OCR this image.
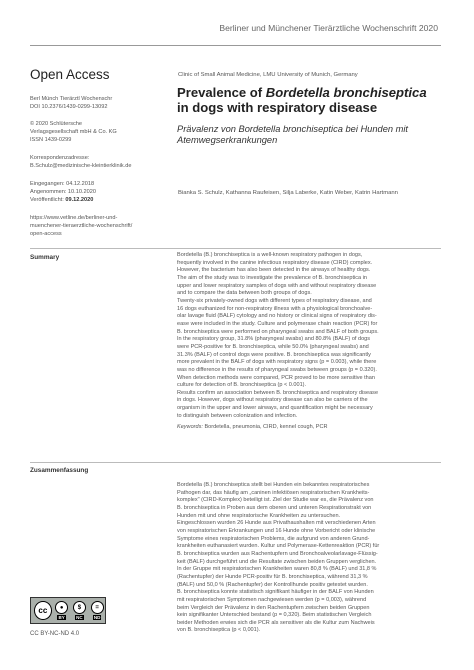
Berliner und Münchener Tierärztliche Wochenschrift 2020
Open Access
Berl Münch Tierärztl Wochenschr
DOI 10.2376/1439-0299-13092
© 2020 Schlütersche
Verlagsgesellschaft mbH & Co. KG
ISSN 1439-0299
Korrespondenzadresse:
B.Schulz@medizinische-kleintierklinik.de
Eingegangen: 04.12.2018
Angenommen: 10.10.2020
Veröffentlicht: 09.12.2020
https://www.vetline.de/berliner-und-
muenchener-tieraerztliche-wochenschrift/
open-access
Clinic of Small Animal Medicine, LMU University of Munich, Germany
Prevalence of Bordetella bronchiseptica
in dogs with respiratory disease
Prävalenz von Bordetella bronchiseptica bei Hunden mit Atemwegserkrankungen
Bianka S. Schulz, Kathanna Raufeisen, Silja Laberke, Katin Weber, Katrin Hartmann
Summary	Bordetella (B.) bronchiseptica is a well-known respiratory pathogen in dogs,
frequently involved in the canine infectious respiratory disease (CIRD) complex.
However, the bacterium has also been detected in the airways of healthy dogs.
The aim of the study was to investigate the prevalence of B. bronchiseptica in
upper and lower respiratory samples of dogs with and without respiratory disease
and to compare the data between both groups of dogs.
Twenty-six privately-owned dogs with different types of respiratory disease, and
16 dogs euthanized for non-respiratory illness with a physiological bronchoalve-
olar lavage fluid (BALF) cytology and no history or clinical signs of respiratory dis-
ease were included in the study. Culture and polymerase chain reaction (PCR) for
B. bronchiseptica were performed on pharyngeal swabs and BALF of both groups.
In the respiratory group, 31.8% (pharyngeal swabs) and 80.8% (BALF) of dogs
were PCR-positive for B. bronchiseptica, while 50.0% (pharyngeal swabs) and
31.3% (BALF) of control dogs were positive. B. bronchiseptica was significantly
more prevalent in the BALF of dogs with respiratory signs (p = 0.003), while there
was no difference in the results of pharyngeal swabs between groups (p = 0.320).
When detection methods were compared, PCR proved to be more sensitive than
culture for detection of B. bronchiseptica (p < 0.001).
Results confirm an association between B. bronchiseptica and respiratory disease
in dogs. However, dogs without respiratory disease can also be carriers of the
organism in the upper and lower airways, and quantification might be necessary
to distinguish between colonization and infection.
Keywords: Bordetella, pneumonia, CIRD, kennel cough, PCR
Zusammenfassung
Bordetella (B.) bronchiseptica stellt bei Hunden ein bekanntes respiratorisches
Pathogen dar, das häufig am „caninen infektiösen respiratorischen Krankheits-
komplex" (CIRD-Komplex) beteiligt ist. Ziel der Studie war es, die Prävalenz von
B. bronchiseptica in Proben aus dem oberen und unteren Respirationstrakt von
Hunden mit und ohne respiratorische Krankheiten zu untersuchen.
Eingeschlossen wurden 26 Hunde aus Privathaushalten mit verschiedenen Arten
von respiratorischen Erkrankungen und 16 Hunde ohne Vorbericht oder klinische
Symptome eines respiratorischen Problems, die aufgrund von anderen Grund-
krankheiten euthanasiert wurden. Kultur und Polymerase-Kettenreaktion (PCR) für
B. bronchiseptica wurden aus Rachentupfern und Bronchoalveolarlavage-Flüssig-
keit (BALF) durchgeführt und die Resultate zwischen beiden Gruppen verglichen.
In der Gruppe mit respiratorischen Krankheiten waren 80,8 % (BALF) und 31,8 %
(Rachentupfer) der Hunde PCR-positiv für B. bronchiseptica, während 31,3 %
(BALF) und 50,0 % (Rachentupfer) der Kontrollhunde positiv getestet wurden.
B. bronchiseptica konnte statistisch signifikant häufiger in der BALF von Hunden
mit respiratorischen Symptomen nachgewiesen werden (p = 0,003), während
beim Vergleich der Prävalenz in den Rachentupfern zwischen beiden Gruppen
kein signifikanter Unterschied bestand (p = 0,320). Beim statistischen Vergleich
beider Methoden erwies sich die PCR als sensitiver als die Kultur zum Nachweis
von B. bronchiseptica (p < 0,001).
cc	●
BY
$
NC
=
ND
CC BY-NC-ND 4.0
